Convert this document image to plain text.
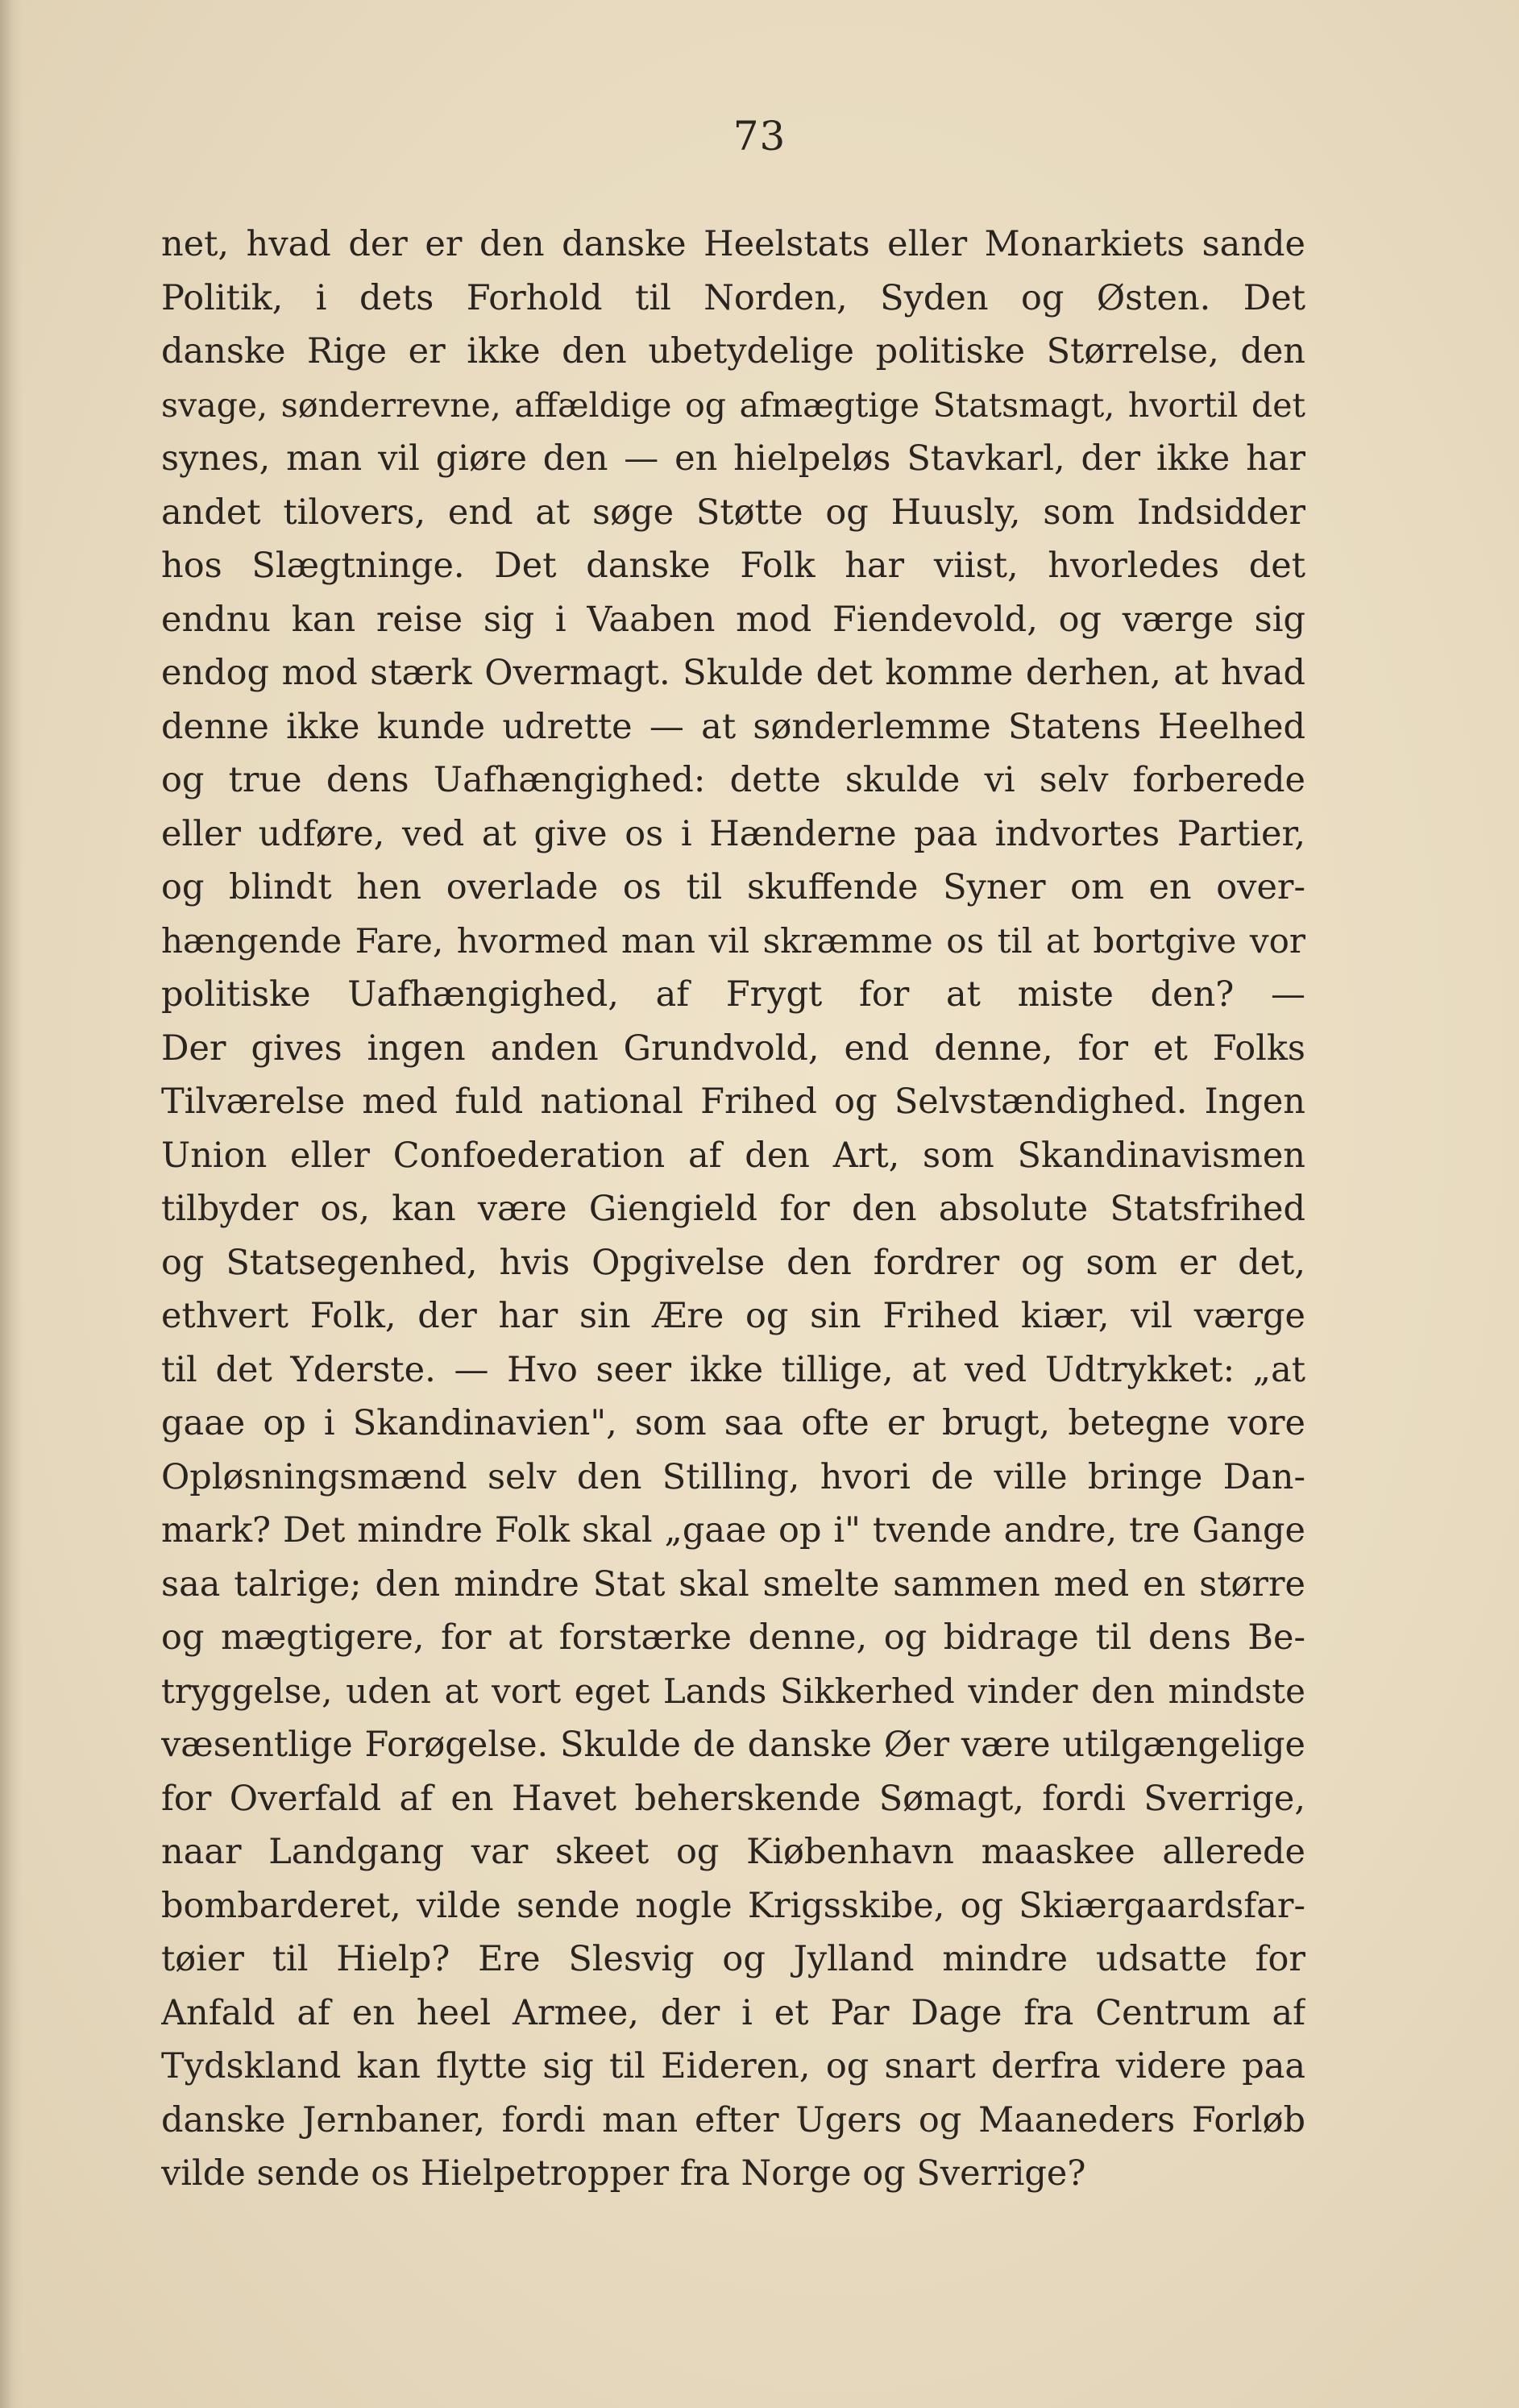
73
net, hvad der er den danske Heelstats eller Monarkiets sande
Politik, i dets Forhold til Norden, Syden og Østen. Det
danske Rige er ikke den ubetydelige politiske Størrelse, den
svage, sønderrevne, affældige og afmægtige Statsmagt, hvortil det
synes, man vil giøre den — en hielpeløs Stavkarl, der ikke har
andet tilovers, end at søge Støtte og Huusly, som Indsidder
hos Slægtninge. Det danske Folk har viist, hvorledes det
endnu kan reise sig i Vaaben mod Fiendevold, og værge sig
endog mod stærk Overmagt. Skulde det komme derhen, at hvad
denne ikke kunde udrette — at sønderlemme Statens Heelhed
og true dens Uafhængighed: dette skulde vi selv forberede
eller udføre, ved at give os i Hænderne paa indvortes Partier,
og blindt hen overlade os til skuffende Syner om en over-
hængende Fare, hvormed man vil skræmme os til at bortgive vor
politiske Uafhængighed, af Frygt for at miste den? —
Der gives ingen anden Grundvold, end denne, for et Folks
Tilværelse med fuld national Frihed og Selvstændighed. Ingen
Union eller Confoederation af den Art, som Skandinavismen
tilbyder os, kan være Giengield for den absolute Statsfrihed
og Statsegenhed, hvis Opgivelse den fordrer og som er det,
ethvert Folk, der har sin Ære og sin Frihed kiær, vil værge
til det Yderste. — Hvo seer ikke tillige, at ved Udtrykket: „at
gaae op i Skandinavien", som saa ofte er brugt, betegne vore
Opløsningsmænd selv den Stilling, hvori de ville bringe Dan-
mark? Det mindre Folk skal „gaae op i" tvende andre, tre Gange
saa talrige; den mindre Stat skal smelte sammen med en større
og mægtigere, for at forstærke denne, og bidrage til dens Be-
tryggelse, uden at vort eget Lands Sikkerhed vinder den mindste
væsentlige Forøgelse. Skulde de danske Øer være utilgængelige
for Overfald af en Havet beherskende Sømagt, fordi Sverrige,
naar Landgang var skeet og Kiøbenhavn maaskee allerede
bombarderet, vilde sende nogle Krigsskibe, og Skiærgaardsfar-
tøier til Hielp? Ere Slesvig og Jylland mindre udsatte for
Anfald af en heel Armee, der i et Par Dage fra Centrum af
Tydskland kan flytte sig til Eideren, og snart derfra videre paa
danske Jernbaner, fordi man efter Ugers og Maaneders Forløb
vilde sende os Hielpetropper fra Norge og Sverrige?
